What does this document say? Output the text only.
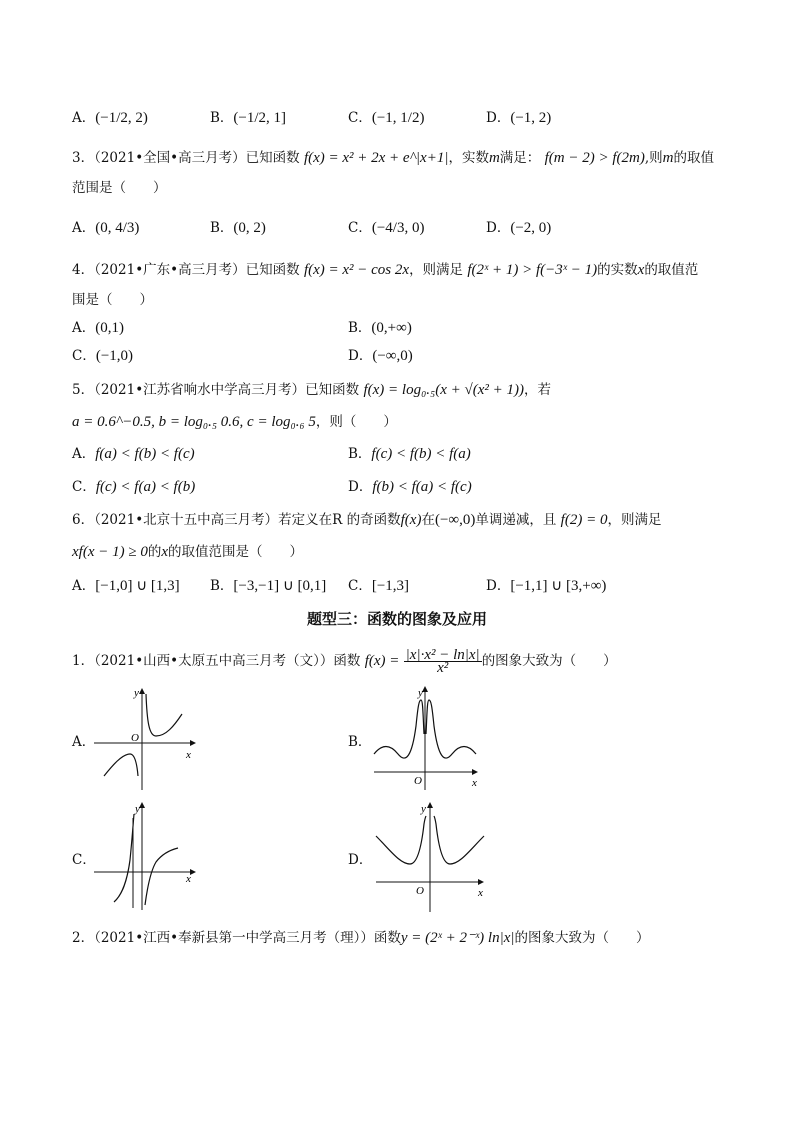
A．(−1/2, 2)	B．(−1/2, 1]	C．(−1, 1/2)	D．(−1, 2)
3．（2021•全国•高三月考）已知函数 f(x) = x² + 2x + e^|x+1|，实数m满足： f(m − 2) > f(2m),则m的取值
范围是（　　）
A．(0, 4/3)	B．(0, 2)	C．(−4/3, 0)	D．(−2, 0)
4．（2021•广东•高三月考）已知函数 f(x) = x² − cos 2x，则满足 f(2ˣ + 1) > f(−3ˣ − 1)的实数x的取值范
围是（　　）
A．(0,1)	B．(0,+∞)
C．(−1,0)	D．(−∞,0)
5．（2021•江苏省响水中学高三月考）已知函数 f(x) = log₀.₅(x + √(x² + 1))，若
a = 0.6^−0.5, b = log₀.₅ 0.6, c = log₀.₆ 5，则（　　）
A．f(a) < f(b) < f(c)	B．f(c) < f(b) < f(a)
C．f(c) < f(a) < f(b)	D．f(b) < f(a) < f(c)
6．（2021•北京十五中高三月考）若定义在R 的奇函数f(x)在(−∞,0)单调递减，且 f(2) = 0，则满足
xf(x − 1) ≥ 0的x的取值范围是（　　）
A．[−1,0] ∪ [1,3] B．[−3,−1] ∪ [0,1] C．[−1,3]	D．[−1,1] ∪ [3,+∞)
题型三：函数的图象及应用
1．（2021•山西•太原五中高三月考（文））函数 $f(x) = \frac{\text{|x|·x² − ln|x|}}{\text{x²}}$ 的图象大致为（　　）
A．
y
O
x
B．
y
O	x
C．
y
x
D．
y
O	x
2．（2021•江西•奉新县第一中学高三月考（理））函数y = (2ˣ + 2⁻ˣ) ln|x|的图象大致为（　　）
